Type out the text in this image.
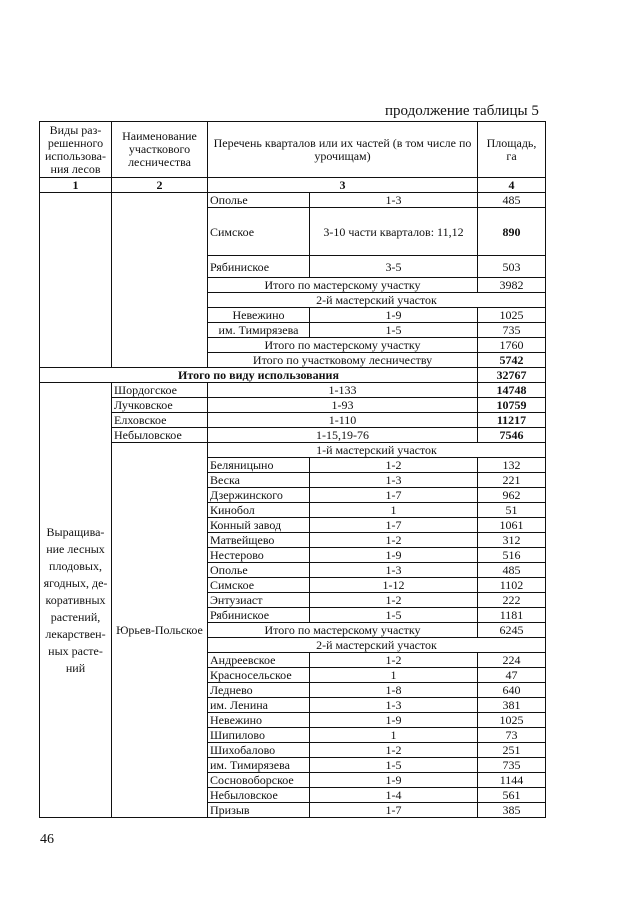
продолжение таблицы 5
Виды раз-решенного использова-ния лесов	Наименование участкового лесничества	Перечень кварталов или их частей (в том числе по урочищам)		Площадь, га
1	2	3		4
		Ополье	1-3	485
		Симское	3-10 части кварталов: 11,12	890
		Рябиниское	3-5	503
		Итого по мастерскому участку		3982
		2-й мастерский участок		
		Невежино	1-9	1025
		им. Тимирязева	1-5	735
		Итого по мастерскому участку		1760
		Итого по участковому лесничеству		5742
Итого по виду использования				32767
Выращива-ние лесных плодовых, ягодных, де-коративных растений, лекарствен-ных расте-ний	Шордогское	1-133		14748
	Лучковское	1-93		10759
	Елховское	1-110		11217
	Небыловское	1-15,19-76		7546
	Юрьев-Польское	1-й мастерский участок		
		Беляницыно	1-2	132
		Веска	1-3	221
		Дзержинского	1-7	962
		Кинобол	1	51
		Конный завод	1-7	1061
		Матвейщево	1-2	312
		Нестерово	1-9	516
		Ополье	1-3	485
		Симское	1-12	1102
		Энтузиаст	1-2	222
		Рябиниское	1-5	1181
		Итого по мастерскому участку		6245
		2-й мастерский участок		
		Андреевское	1-2	224
		Красносельское	1	47
		Леднево	1-8	640
		им. Ленина	1-3	381
		Невежино	1-9	1025
		Шипилово	1	73
		Шихобалово	1-2	251
		им. Тимирязева	1-5	735
		Сосновоборское	1-9	1144
		Небыловское	1-4	561
		Призыв	1-7	385
46
